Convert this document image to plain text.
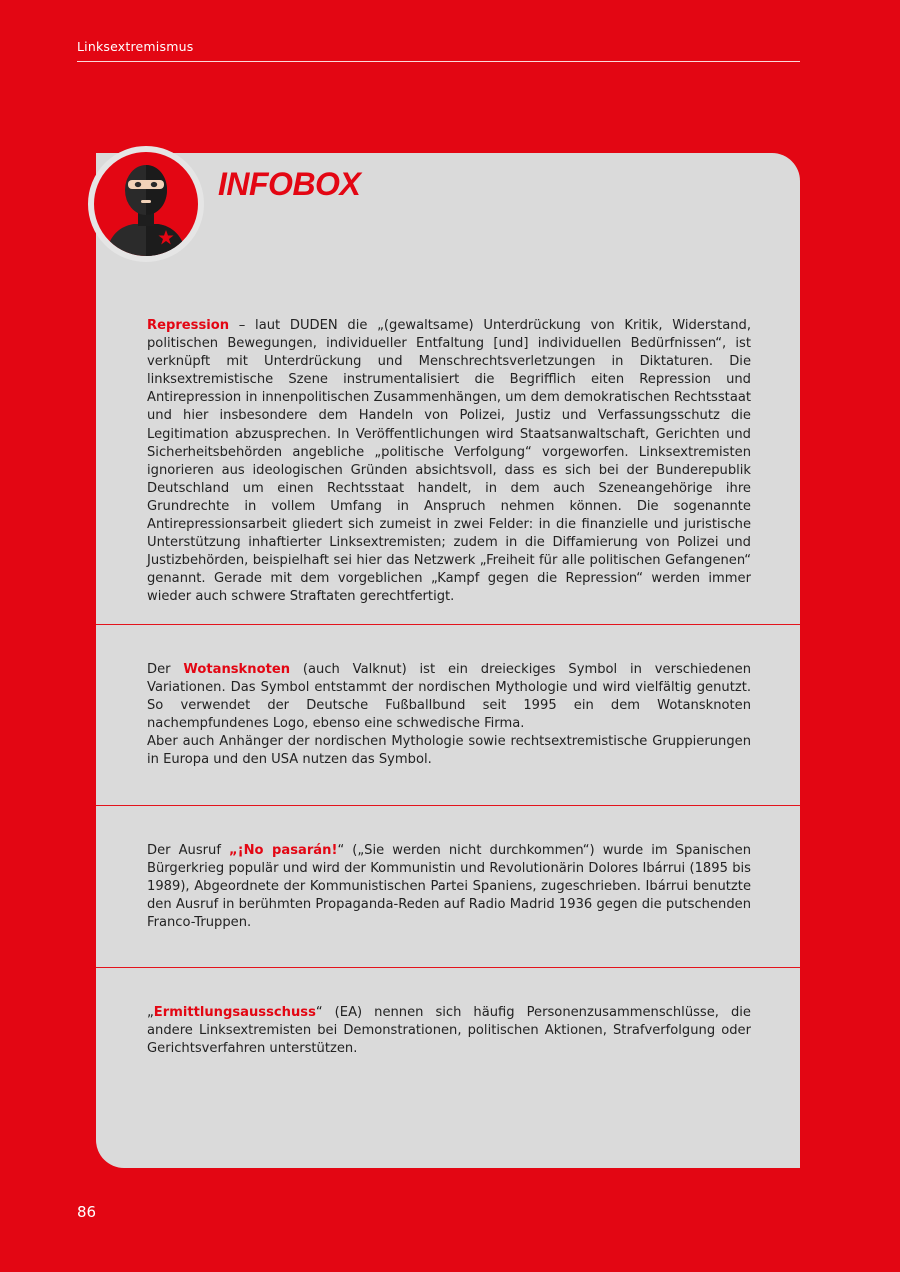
Linksextremismus
INFOBOX

Repression – laut DUDEN die „(gewaltsame) Unterdrückung von Kritik, Widerstand, politischen Bewegungen, individueller Entfaltung [und] individuellen Bedürfnissen“, ist verknüpft mit Unterdrückung und Menschrechtsverletzungen in Diktaturen. Die linksextremistische Szene instrumentalisiert die Begrifflich eiten Repression und Antirepression in innenpolitischen Zusammenhängen, um dem demokratischen Rechtsstaat und hier insbesondere dem Handeln von Polizei, Justiz und Verfassungsschutz die Legitimation abzusprechen. In Veröffentlichungen wird Staatsanwaltschaft, Gerichten und Sicherheitsbehörden angebliche „politische Verfolgung“ vorgeworfen. Linksextremisten ignorieren aus ideologischen Gründen absichtsvoll, dass es sich bei der Bunderepublik Deutschland um einen Rechtsstaat handelt, in dem auch Szeneangehörige ihre Grundrechte in vollem Umfang in Anspruch nehmen können. Die sogenannte Antirepressionsarbeit gliedert sich zumeist in zwei Felder: in die finanzielle und juristische Unterstützung inhaftierter Linksextremisten; zudem in die Diffamierung von Polizei und Justizbehörden, beispielhaft sei hier das Netzwerk „Freiheit für alle politischen Gefangenen“ genannt. Gerade mit dem vorgeblichen „Kampf gegen die Repression“ werden immer wieder auch schwere Straftaten gerechtfertigt.

Der Wotansknoten (auch Valknut) ist ein dreieckiges Symbol in verschiedenen Variationen. Das Symbol entstammt der nordischen Mythologie und wird vielfältig genutzt. So verwendet der Deutsche Fußballbund seit 1995 ein dem Wotansknoten nachempfundenes Logo, ebenso eine schwedische Firma.
Aber auch Anhänger der nordischen Mythologie sowie rechtsextremistische Gruppierungen in Europa und den USA nutzen das Symbol.

Der Ausruf „¡No pasarán!“ („Sie werden nicht durchkommen“) wurde im Spanischen Bürgerkrieg populär und wird der Kommunistin und Revolutionärin Dolores Ibárrui (1895 bis 1989), Abgeordnete der Kommunistischen Partei Spaniens, zugeschrieben. Ibárrui benutzte den Ausruf in berühmten Propaganda-Reden auf Radio Madrid 1936 gegen die putschenden Franco-Truppen.

„Ermittlungsausschuss“ (EA) nennen sich häufig Personenzusammenschlüsse, die andere Linksextremisten bei Demonstrationen, politischen Aktionen, Strafverfolgung oder Gerichtsverfahren unterstützen.

86
